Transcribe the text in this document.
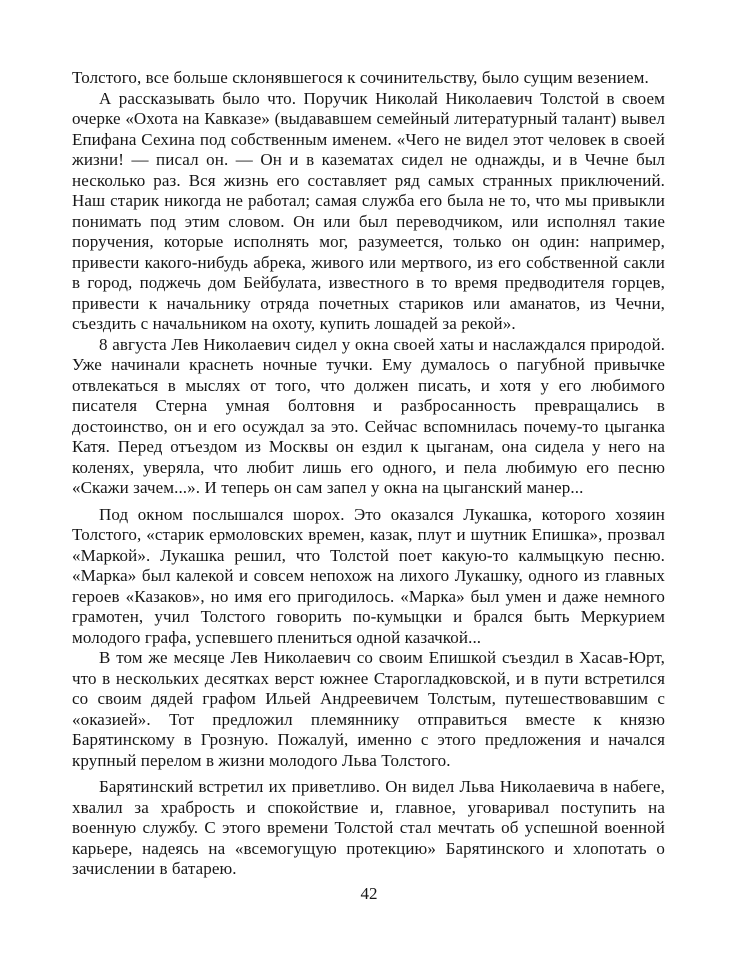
Толстого, все больше склонявшегося к сочинительству, было сущим везением.

А рассказывать было что. Поручик Николай Николаевич Толстой в своем очерке «Охота на Кавказе» (выдававшем семейный литературный талант) вывел Епифана Сехина под собственным именем. «Чего не видел этот человек в своей жизни! — писал он. — Он и в казематах сидел не однажды, и в Чечне был несколько раз. Вся жизнь его составляет ряд самых странных приключений. Наш старик никогда не работал; самая служба его была не то, что мы привыкли понимать под этим словом. Он или был переводчиком, или исполнял такие поручения, которые исполнять мог, разумеется, только он один: например, привести какого-нибудь абрека, живого или мертвого, из его собственной сакли в город, поджечь дом Бейбулата, известного в то время предводителя горцев, привести к начальнику отряда почетных стариков или аманатов, из Чечни, съездить с начальником на охоту, купить лошадей за рекой».

8 августа Лев Николаевич сидел у окна своей хаты и наслаждался природой. Уже начинали краснеть ночные тучки. Ему думалось о пагубной привычке отвлекаться в мыслях от того, что должен писать, и хотя у его любимого писателя Стерна умная болтовня и разбросанность превращались в достоинство, он и его осуждал за это. Сейчас вспомнилась почему-то цыганка Катя. Перед отъездом из Москвы он ездил к цыганам, она сидела у него на коленях, уверяла, что любит лишь его одного, и пела любимую его песню «Скажи зачем...». И теперь он сам запел у окна на цыганский манер...

Под окном послышался шорох. Это оказался Лукашка, которого хозяин Толстого, «старик ермоловских времен, казак, плут и шутник Епишка», прозвал «Маркой». Лукашка решил, что Толстой поет какую-то калмыцкую песню. «Марка» был калекой и совсем непохож на лихого Лукашку, одного из главных героев «Казаков», но имя его пригодилось. «Марка» был умен и даже немного грамотен, учил Толстого говорить по-кумыцки и брался быть Меркурием молодого графа, успевшего плениться одной казачкой...

В том же месяце Лев Николаевич со своим Епишкой съездил в Хасав-Юрт, что в нескольких десятках верст южнее Старогладковской, и в пути встретился со своим дядей графом Ильей Андреевичем Толстым, путешествовавшим с «оказией». Тот предложил племяннику отправиться вместе к князю Барятинскому в Грозную. Пожалуй, именно с этого предложения и начался крупный перелом в жизни молодого Льва Толстого.

Барятинский встретил их приветливо. Он видел Льва Николаевича в набеге, хвалил за храбрость и спокойствие и, главное, уговаривал поступить на военную службу. С этого времени Толстой стал мечтать об успешной военной карьере, надеясь на «всемогущую протекцию» Барятинского и хлопотать о зачислении в батарею.

42
